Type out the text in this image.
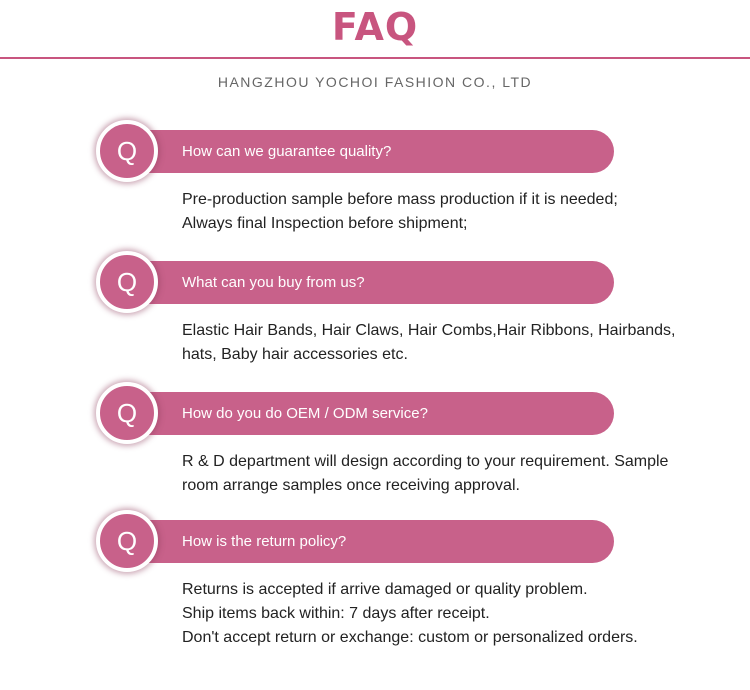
FAQ
HANGZHOU YOCHOI FASHION CO., LTD
Q	How can we guarantee quality?
Pre-production sample before mass production if it is needed;
Always final Inspection before shipment;
Q	What can you buy from us?
Elastic Hair Bands, Hair Claws, Hair Combs,Hair Ribbons, Hairbands,
hats, Baby hair accessories etc.
Q	How do you do OEM / ODM service?
R & D department will design according to your requirement. Sample
room arrange samples once receiving approval.
Q	How is the return policy?
Returns is accepted if arrive damaged or quality problem.
Ship items back within: 7 days after receipt.
Don't accept return or exchange: custom or personalized orders.
